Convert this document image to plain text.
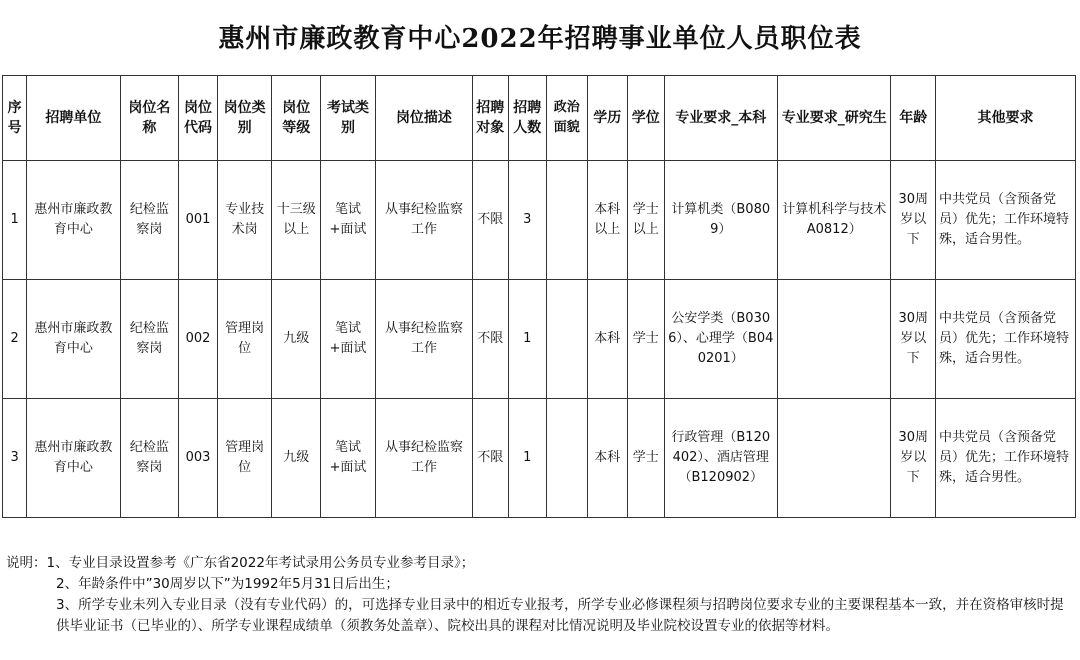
惠州市廉政教育中心2022年招聘事业单位人员职位表
序号	招聘单位	岗位名称	岗位代码	岗位类别	岗位等级	考试类别	岗位描述	招聘对象	招聘人数	政治面貌	学历	学位	专业要求_本科	专业要求_研究生	年龄	其他要求
1	惠州市廉政教育中心	纪检监察岗	001	专业技术岗	十三级以上	笔试+面试	从事纪检监察工作	不限	3		本科以上	学士以上	计算机类（B0809）	计算机科学与技术A0812）	30周岁以下	中共党员（含预备党员）优先；工作环境特殊，适合男性。
2	惠州市廉政教育中心	纪检监察岗	002	管理岗位	九级	笔试+面试	从事纪检监察工作	不限	1		本科	学士	公安学类（B0306）、心理学（B040201）		30周岁以下	中共党员（含预备党员）优先；工作环境特殊，适合男性。
3	惠州市廉政教育中心	纪检监察岗	003	管理岗位	九级	笔试+面试	从事纪检监察工作	不限	1		本科	学士	行政管理（B120402）、酒店管理（B120902）		30周岁以下	中共党员（含预备党员）优先；工作环境特殊，适合男性。
说明：1、专业目录设置参考《广东省2022年考试录用公务员专业参考目录》；
2、年龄条件中”30周岁以下”为1992年5月31日后出生；
3、所学专业未列入专业目录（没有专业代码）的，可选择专业目录中的相近专业报考，所学专业必修课程须与招聘岗位要求专业的主要课程基本一致，并在资格审核时提供毕业证书（已毕业的）、所学专业课程成绩单（须教务处盖章）、院校出具的课程对比情况说明及毕业院校设置专业的依据等材料。
